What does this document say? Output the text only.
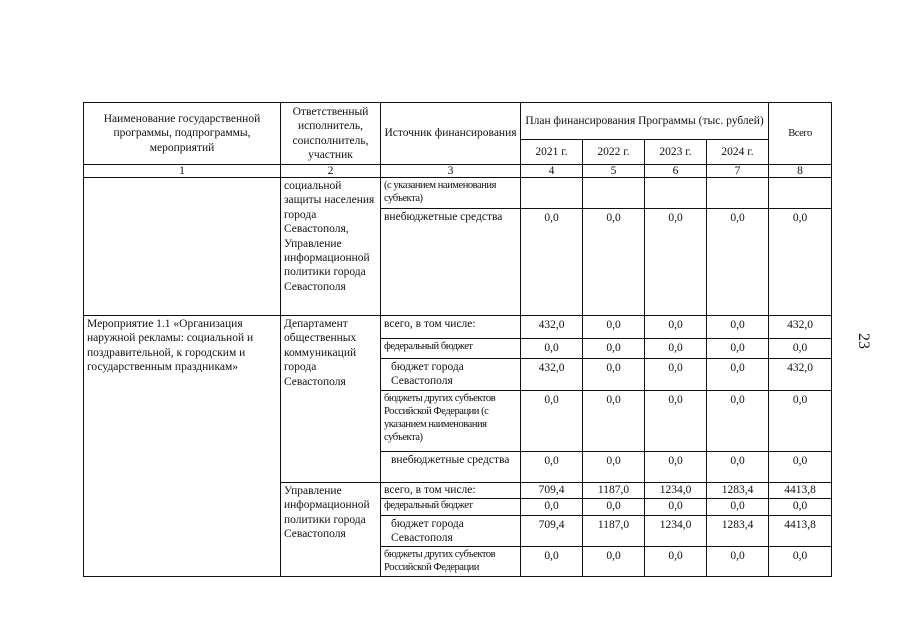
23
Наименование государственной программы, подпрограммы, мероприятий	Ответственный исполнитель, соисполнитель, участник	Источник финансирования	План финансирования Программы (тыс. рублей)				Всего
			2021 г.	2022 г.	2023 г.	2024 г.	
1	2	3	4	5	6	7	8
	социальной защиты населения города Севастополя, Управление информационной политики города Севастополя	(с указанием наименования субъекта)					
		внебюджетные средства	0,0	0,0	0,0	0,0	0,0
Мероприятие 1.1 «Организация наружной рекламы: социальной и поздравительной, к городским и государственным праздникам»	Департамент общественных коммуникаций города Севастополя	всего, в том числе:	432,0	0,0	0,0	0,0	432,0
		федеральный бюджет	0,0	0,0	0,0	0,0	0,0
		бюджет города Севастополя	432,0	0,0	0,0	0,0	432,0
		бюджеты других субъектов Российской Федерации (с указанием наименования субъекта)	0,0	0,0	0,0	0,0	0,0
		внебюджетные средства	0,0	0,0	0,0	0,0	0,0
	Управление информационной политики города Севастополя	всего, в том числе:	709,4	1187,0	1234,0	1283,4	4413,8
		федеральный бюджет	0,0	0,0	0,0	0,0	0,0
		бюджет города Севастополя	709,4	1187,0	1234,0	1283,4	4413,8
		бюджеты других субъектов Российской Федерации	0,0	0,0	0,0	0,0	0,0
